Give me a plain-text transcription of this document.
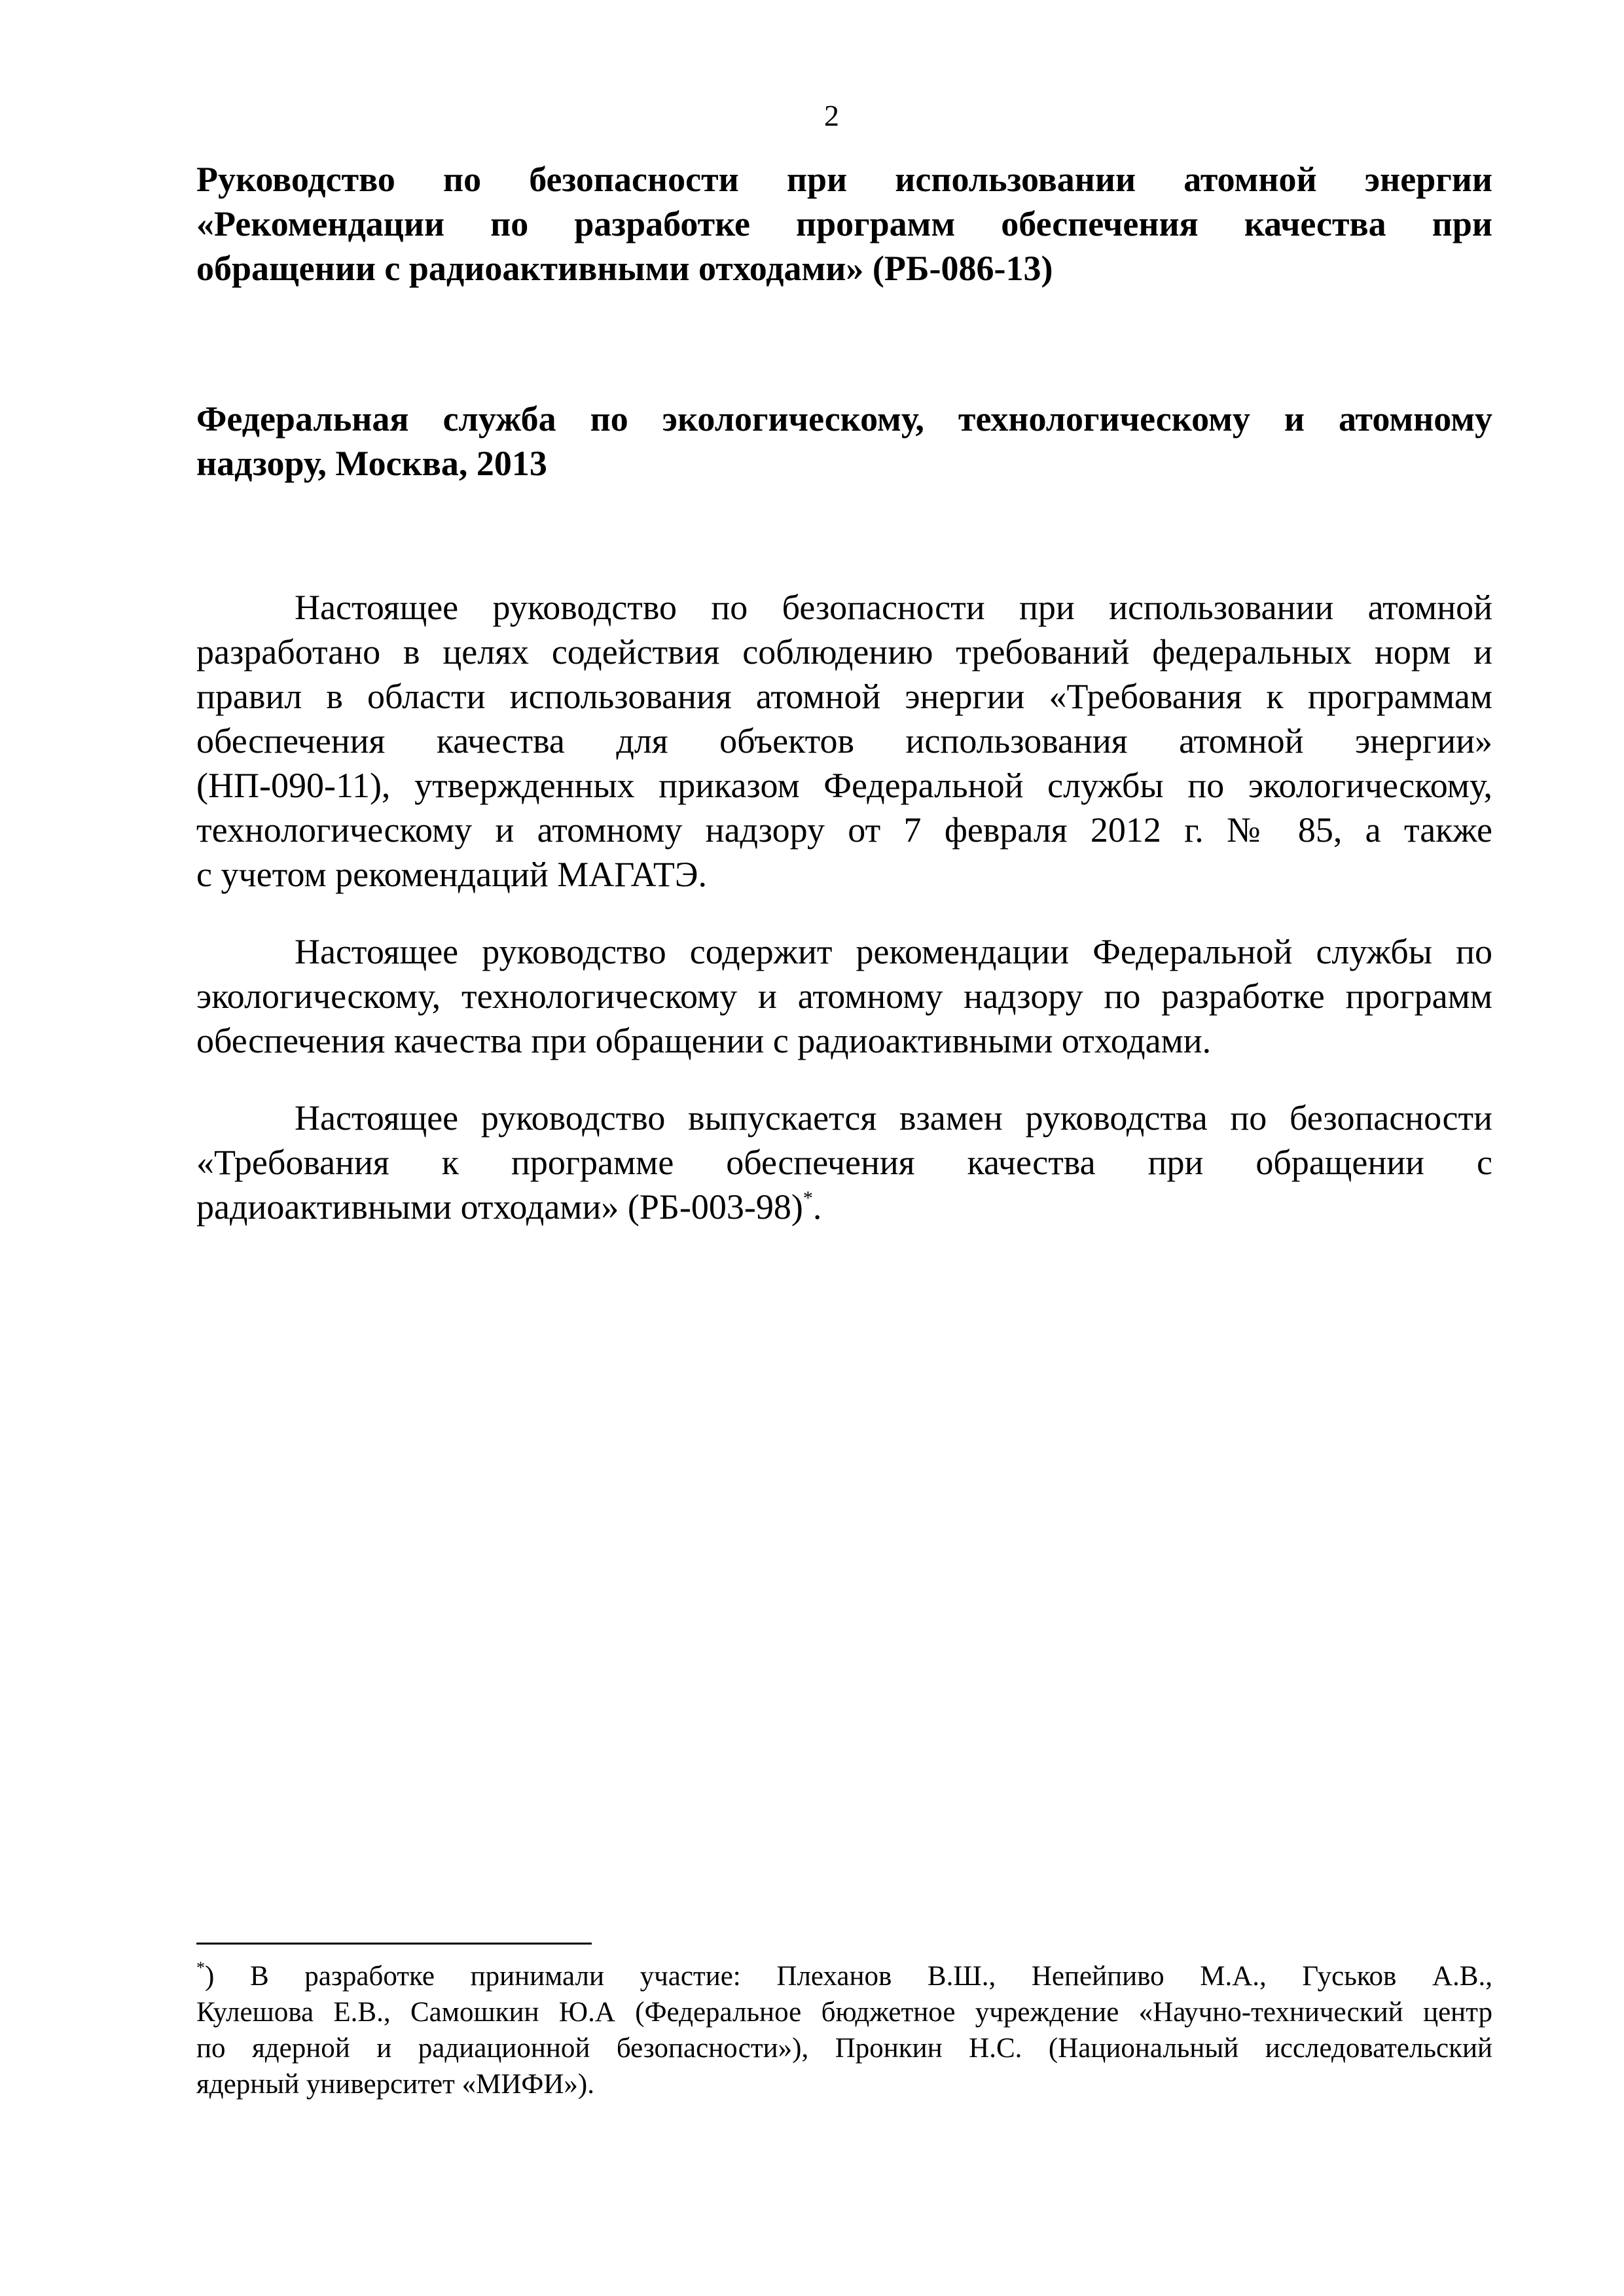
2

Руководство по безопасности при использовании атомной энергии
«Рекомендации по разработке программ обеспечения качества при
обращении с радиоактивными отходами» (РБ-086-13)

Федеральная служба по экологическому, технологическому и атомному
надзору, Москва, 2013

Настоящее руководство по безопасности при использовании атомной
разработано в целях содействия соблюдению требований федеральных норм и
правил в области использования атомной энергии «Требования к программам
обеспечения качества для объектов использования атомной энергии»
(НП-090-11), утвержденных приказом Федеральной службы по экологическому,
технологическому и атомному надзору от 7 февраля 2012 г. № 85, а также
с учетом рекомендаций МАГАТЭ.

Настоящее руководство содержит рекомендации Федеральной службы по
экологическому, технологическому и атомному надзору по разработке программ
обеспечения качества при обращении с радиоактивными отходами.

Настоящее руководство выпускается взамен руководства по безопасности
«Требования к программе обеспечения качества при обращении с
радиоактивными отходами» (РБ-003-98)*.

*) В разработке принимали участие: Плеханов В.Ш., Непейпиво М.А., Гуськов А.В.,
Кулешова Е.В., Самошкин Ю.А (Федеральное бюджетное учреждение «Научно-технический центр
по ядерной и радиационной безопасности»), Пронкин Н.С. (Национальный исследовательский
ядерный университет «МИФИ»).
